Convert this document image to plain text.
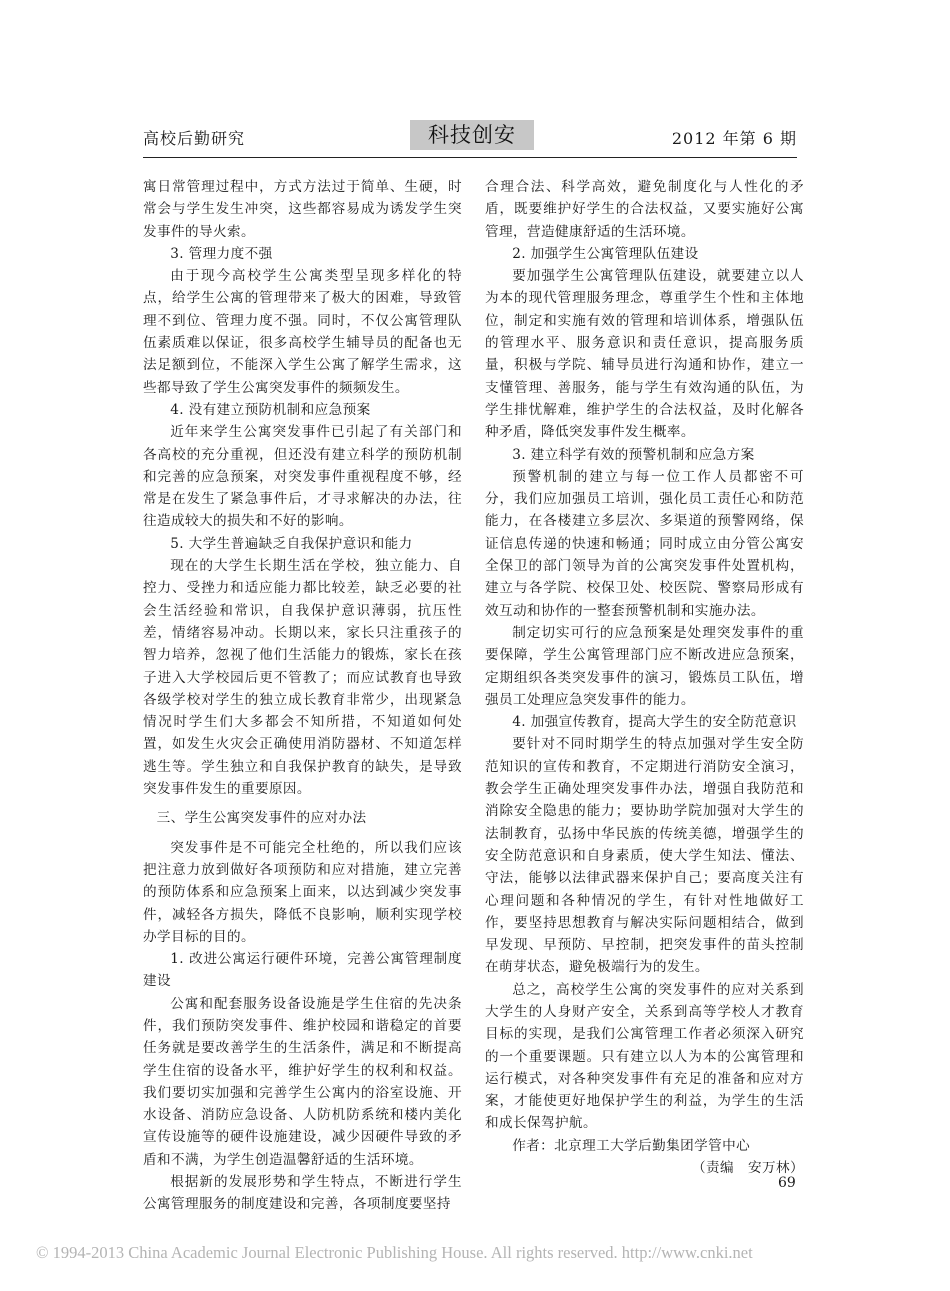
高校后勤研究	科技创安	2012 年第 6 期

寓日常管理过程中，方式方法过于简单、生硬，时常会与学生发生冲突，这些都容易成为诱发学生突发事件的导火索。

3. 管理力度不强

由于现今高校学生公寓类型呈现多样化的特点，给学生公寓的管理带来了极大的困难，导致管理不到位、管理力度不强。同时，不仅公寓管理队伍素质难以保证，很多高校学生辅导员的配备也无法足额到位，不能深入学生公寓了解学生需求，这些都导致了学生公寓突发事件的频频发生。

4. 没有建立预防机制和应急预案

近年来学生公寓突发事件已引起了有关部门和各高校的充分重视，但还没有建立科学的预防机制和完善的应急预案，对突发事件重视程度不够，经常是在发生了紧急事件后，才寻求解决的办法，往往造成较大的损失和不好的影响。

5. 大学生普遍缺乏自我保护意识和能力

现在的大学生长期生活在学校，独立能力、自控力、受挫力和适应能力都比较差，缺乏必要的社会生活经验和常识，自我保护意识薄弱，抗压性差，情绪容易冲动。长期以来，家长只注重孩子的智力培养，忽视了他们生活能力的锻炼，家长在孩子进入大学校园后更不管教了；而应试教育也导致各级学校对学生的独立成长教育非常少，出现紧急情况时学生们大多都会不知所措，不知道如何处置，如发生火灾会正确使用消防器材、不知道怎样逃生等。学生独立和自我保护教育的缺失，是导致突发事件发生的重要原因。

三、学生公寓突发事件的应对办法

突发事件是不可能完全杜绝的，所以我们应该把注意力放到做好各项预防和应对措施，建立完善的预防体系和应急预案上面来，以达到减少突发事件，减轻各方损失，降低不良影响，顺利实现学校办学目标的目的。

1. 改进公寓运行硬件环境，完善公寓管理制度建设

公寓和配套服务设备设施是学生住宿的先决条件，我们预防突发事件、维护校园和谐稳定的首要任务就是要改善学生的生活条件，满足和不断提高学生住宿的设备水平，维护好学生的权利和权益。我们要切实加强和完善学生公寓内的浴室设施、开水设备、消防应急设备、人防机防系统和楼内美化宣传设施等的硬件设施建设，减少因硬件导致的矛盾和不满，为学生创造温馨舒适的生活环境。

根据新的发展形势和学生特点，不断进行学生公寓管理服务的制度建设和完善，各项制度要坚持

合理合法、科学高效，避免制度化与人性化的矛盾，既要维护好学生的合法权益，又要实施好公寓管理，营造健康舒适的生活环境。

2. 加强学生公寓管理队伍建设

要加强学生公寓管理队伍建设，就要建立以人为本的现代管理服务理念，尊重学生个性和主体地位，制定和实施有效的管理和培训体系，增强队伍的管理水平、服务意识和责任意识，提高服务质量，积极与学院、辅导员进行沟通和协作，建立一支懂管理、善服务，能与学生有效沟通的队伍，为学生排忧解难，维护学生的合法权益，及时化解各种矛盾，降低突发事件发生概率。

3. 建立科学有效的预警机制和应急方案

预警机制的建立与每一位工作人员都密不可分，我们应加强员工培训，强化员工责任心和防范能力，在各楼建立多层次、多渠道的预警网络，保证信息传递的快速和畅通；同时成立由分管公寓安全保卫的部门领导为首的公寓突发事件处置机构，建立与各学院、校保卫处、校医院、警察局形成有效互动和协作的一整套预警机制和实施办法。

制定切实可行的应急预案是处理突发事件的重要保障，学生公寓管理部门应不断改进应急预案，定期组织各类突发事件的演习，锻炼员工队伍，增强员工处理应急突发事件的能力。

4. 加强宣传教育，提高大学生的安全防范意识

要针对不同时期学生的特点加强对学生安全防范知识的宣传和教育，不定期进行消防安全演习，教会学生正确处理突发事件办法，增强自我防范和消除安全隐患的能力；要协助学院加强对大学生的法制教育，弘扬中华民族的传统美德，增强学生的安全防范意识和自身素质，使大学生知法、懂法、守法，能够以法律武器来保护自己；要高度关注有心理问题和各种情况的学生，有针对性地做好工作，要坚持思想教育与解决实际问题相结合，做到早发现、早预防、早控制，把突发事件的苗头控制在萌芽状态，避免极端行为的发生。

总之，高校学生公寓的突发事件的应对关系到大学生的人身财产安全，关系到高等学校人才教育目标的实现，是我们公寓管理工作者必须深入研究的一个重要课题。只有建立以人为本的公寓管理和运行模式，对各种突发事件有充足的准备和应对方案，才能使更好地保护学生的利益，为学生的生活和成长保驾护航。

作者：北京理工大学后勤集团学管中心

（责编　安万林）

69
© 1994-2013 China Academic Journal Electronic Publishing House. All rights reserved. http://www.cnki.net
